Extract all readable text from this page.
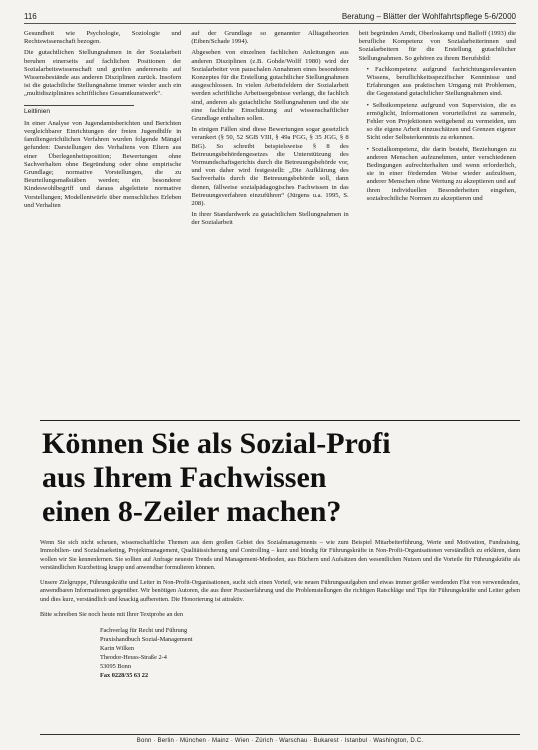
116	Beratung – Blätter der Wohlfahrtspflege 5-6/2000

Gesundheit wie Psychologie, Soziologie und Rechtswissenschaft bezogen.

Die gutachtlichen Stellungnahmen in der Sozialarbeit beruhen einerseits auf fachlichen Positionen der Sozialarbeitswissenschaft und greifen andererseits auf Wissensbestände aus anderen Disziplinen zurück. Insofern ist die gutachtliche Stellungnahme immer wieder auch ein „multidisziplinäres schriftliches Gesamtkunstwerk“.

Leitlinien

In einer Analyse von Jugendamtsberichten und Berichten vergleichbarer Einrichtungen der freien Jugendhilfe in familiengerichtlichen Verfahren wurden folgende Mängel gefunden: Darstellungen des Verhaltens von Eltern aus einer Überlegenheitsposition; Bewertungen ohne Sachverhalten ohne Begründung oder ohne empirische Grundlage; normative Vorstellungen, die zu Beurteilungsmaßstäben werden; ein besonderer Kindeswohlbegriff und daraus abgeleitete normative Vorstellungen; Modellentwürfe über menschliches Erleben und Verhalten

auf der Grundlage so genannter Alltagstheorien (Eiben/Schade 1994).

Abgesehen von einzelnen fachlichen Anleitungen aus anderen Disziplinen (z.B. Gohde/Wolff 1980) wird der Sozialarbeiter von pauschalen Annahmen eines besonderen Konzeptes für die Erstellung gutachtlicher Stellungnahmen ausgeschlossen. In vielen Arbeitsfeldern der Sozialarbeit werden schriftliche Arbeitsergebnisse verlangt, die fachlich sind, anderen als gutachtliche Stellungnahmen und die sie eine fachliche Einschätzung auf wissenschaftlicher Grundlage enthalten sollen.

In einigen Fällen sind diese Bewertungen sogar gesetzlich verankert (§ 50, 52 SGB VIII, § 49a FGG, § 35 JGG, § 8 BtG). So schreibt beispielsweise § 8 des Betreuungsbehördengesetzes die Unterstützung des Vormundschaftsgerichts durch die Betreuungsbehörde vor, und von daher wird festgestellt: „Die Aufklärung des Sachverhalts durch die Betreuungsbehörde soll, dann dienen, fällweise sozialpädagogisches Fachwissen in das Betreuungsverfahren einzuführen“ (Jürgens u.a. 1995, S. 208).

In ihrer Standardwerk zu gutachtlichen Stellungnahmen in der Sozialarbeit

beit begründen Arndt, Oberloskamp und Balloff (1993) die berufliche Kompetenz von Sozialarbeiterinnen und Sozialarbeitern für die Erstellung gutachtlicher Stellungnahmen. So gehören zu ihrem Berufsbild:

• Fachkompetenz aufgrund fachrichtungsrelevanten Wissens, beruflichkeitsspezifischer Kenntnisse und Erfahrungen aus praktischen Umgang mit Problemen, die Gegenstand gutachtlicher Stellungnahmen sind.
• Selbstkompetenz aufgrund von Supervision, die es ermöglicht, Informationen vorurteilsfrei zu sammeln, Fehler von Projektionen weitgehend zu vermeiden, um so die eigene Arbeit einzuschätzen und Grenzen eigener Sicht oder Selbsterkenntnis zu erkennen.
• Sozialkompetenz, die darin besteht, Beziehungen zu anderen Menschen aufzunehmen, unter verschiedenen Bedingungen aufrechterhalten und wenn erforderlich, sie in einer fördernden Weise wieder aufzulösen, anderer Menschen ohne Wertung zu akzeptieren und auf ihren individuellen Besonderheiten eingehen, sozialrechtliche Normen zu akzeptieren und
Können Sie als Sozial-Profi
aus Ihrem Fachwissen
einen 8-Zeiler machen?

Wenn Sie sich nicht scheuen, wissenschaftliche Themen aus dem großen Gebiet des Sozialmanagements – wie zum Beispiel Mitarbeiterführung, Werte und Motivation, Fundraising, Immobilien- und Sozialmarketing, Projektmanagement, Qualitätssicherung und Controlling – kurz und bündig für Führungskräfte in Non-Profit-Organisationen verständlich zu erklären, dann wollen wir Sie kennenlernen. Sie sollten auf Anfrage neueste Trends und Management-Methoden, aus Büchern und Aufsätzen den wesentlichen Nutzen und die Vorteile für Führungskräfte als verständlichen Kurzbeitrag knapp und anwendbar formulieren können.

Unsere Zielgruppe, Führungskräfte und Leiter in Non-Profit-Organisationen, sucht sich einen Vorteil, wie neuen Führungsaufgaben und etwas immer größer werdenden Flut von verwendenden, anwendbaren Informationen gegenüber. Wir benötigen Autoren, die aus ihrer Praxiserfahrung und die Problemstellungen die richtigen Ratschläge und Tips für Führungskräfte und Leiter geben und dies kurz, verständlich und knackig aufbereiten. Die Honorierung ist attraktiv.

Bitte schreiben Sie noch heute mit Ihrer Textprobe an den

Fachverlag für Recht und Führung
Praxishandbuch Sozial-Management
Karin Wilken
Theodor-Heuss-Straße 2-4
53095 Bonn
Fax 0228/35 63 22
Bonn · Berlin · München · Mainz · Wien · Zürich · Warschau · Bukarest · Istanbul · Washington, D.C.
